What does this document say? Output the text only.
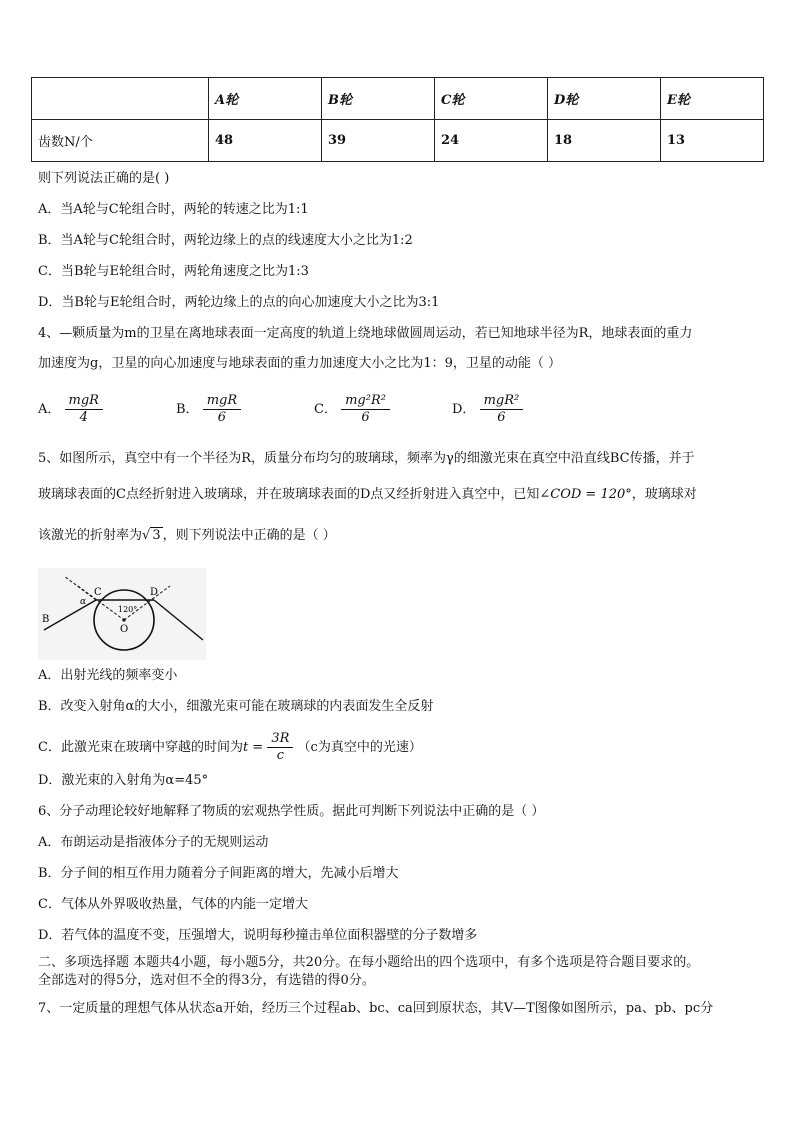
	A轮	B轮	C轮	D轮	E轮
齿数N/个	48	39	24	18	13
则下列说法正确的是( )
A．当A轮与C轮组合时，两轮的转速之比为1:1
B．当A轮与C轮组合时，两轮边缘上的点的线速度大小之比为1:2
C．当B轮与E轮组合时，两轮角速度之比为1:3
D．当B轮与E轮组合时，两轮边缘上的点的向心加速度大小之比为3:1
4、—颗质量为m的卫星在离地球表面一定高度的轨道上绕地球做圆周运动，若已知地球半径为R，地球表面的重力
加速度为g，卫星的向心加速度与地球表面的重力加速度大小之比为1：9，卫星的动能（ ）
A． $\frac{\text{mgR}}{4}$	B． $\frac{\text{mgR}}{6}$	C． $\frac{\text{mg²R²}}{6}$	D． $\frac{\text{mgR²}}{6}$
5、如图所示，真空中有一个半径为R，质量分布均匀的玻璃球，频率为γ的细激光束在真空中沿直线BC传播，并于
玻璃球表面的C点经折射进入玻璃球，并在玻璃球表面的D点又经折射进入真空中，已知∠COD = 120°，玻璃球对
该激光的折射率为√ 3 ，则下列说法中正确的是（ ）
C	D
O
B
α
120°
A．出射光线的频率变小
B．改变入射角α的大小，细激光束可能在玻璃球的内表面发生全反射
C．此激光束在玻璃中穿越的时间为$t = \frac{3R}{c} (c$为真空中的光速）
D．激光束的入射角为α=45°
6、分子动理论较好地解释了物质的宏观热学性质。据此可判断下列说法中正确的是（ ）
A．布朗运动是指液体分子的无规则运动
B．分子间的相互作用力随着分子间距离的增大，先减小后增大
C．气体从外界吸收热量，气体的内能一定增大
D．若气体的温度不变，压强增大，说明每秒撞击单位面积器壁的分子数增多
二、多项选择题 本题共4小题，每小题5分，共20分。在每小题给出的四个选项中，有多个选项是符合题目要求的。
全部选对的得5分，选对但不全的得3分，有选错的得0分。
7、一定质量的理想气体从状态a开始，经历三个过程ab、bc、ca回到原状态，其V—T图像如图所示，pa、pb、pc分
